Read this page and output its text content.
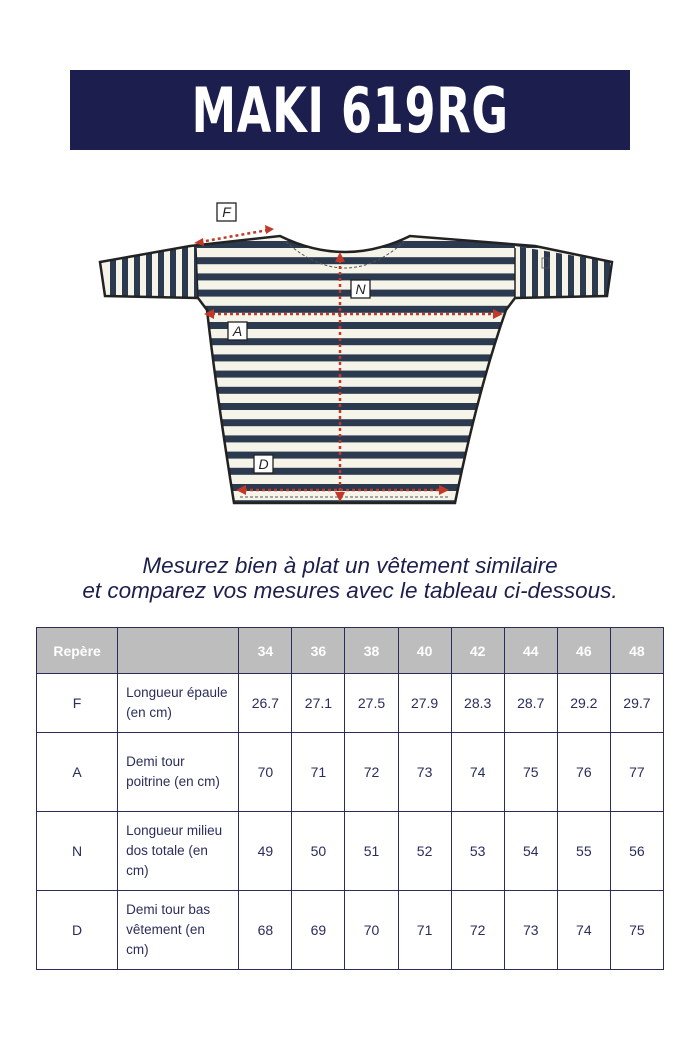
MAKI 619RG
F
A
N
D
Mesurez bien à plat un vêtement similaire
et comparez vos mesures avec le tableau ci-dessous.
Repère		34	36	38	40	42	44	46	48
F	Longueur épaule (en cm)	26.7	27.1	27.5	27.9	28.3	28.7	29.2	29.7
A	Demi tour poitrine (en cm)	70	71	72	73	74	75	76	77
N	Longueur milieu dos totale (en cm)	49	50	51	52	53	54	55	56
D	Demi tour bas vêtement (en cm)	68	69	70	71	72	73	74	75
